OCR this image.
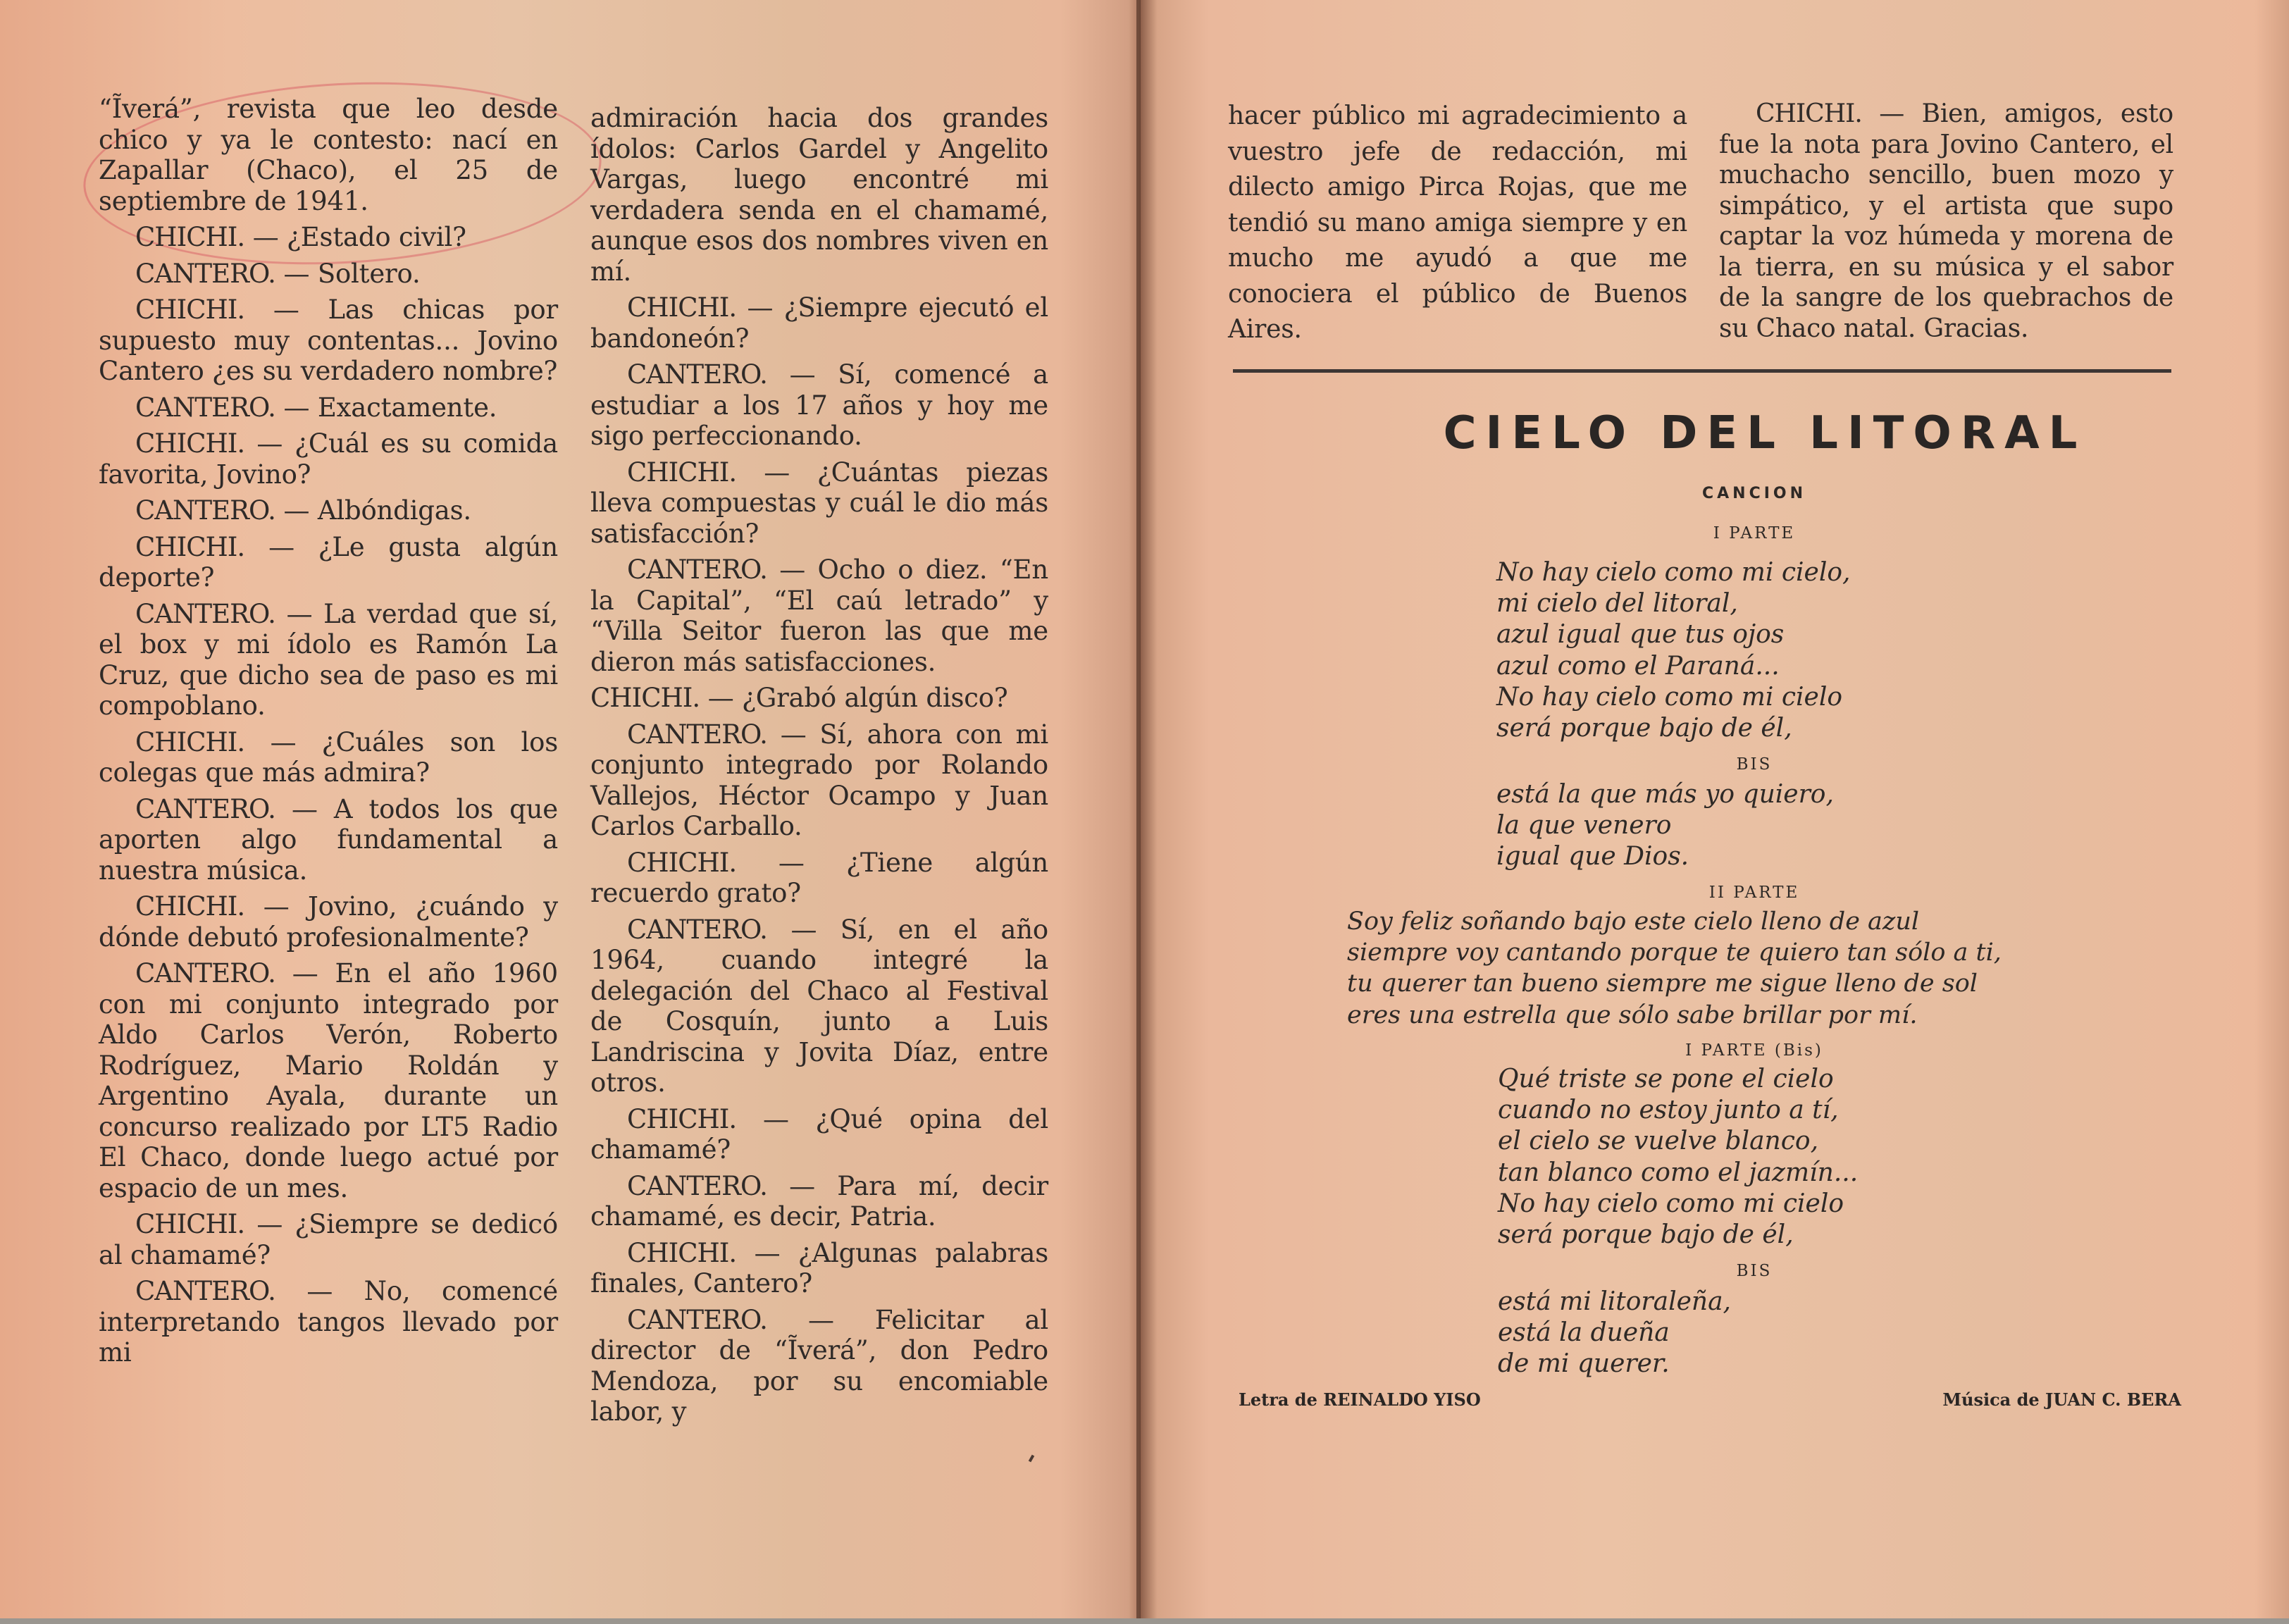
“Ĩverá”, revista que leo desde chico y ya le contesto: nací en Zapallar (Chaco), el 25 de septiembre de 1941.

CHICHI. — ¿Estado civil?

CANTERO. — Soltero.

CHICHI. — Las chicas por supuesto muy contentas... Jovino Cantero ¿es su verdadero nombre?

CANTERO. — Exactamente.

CHICHI. — ¿Cuál es su comida favorita, Jovino?

CANTERO. — Albóndigas.

CHICHI. — ¿Le gusta algún deporte?

CANTERO. — La verdad que sí, el box y mi ídolo es Ramón La Cruz, que dicho sea de paso es mi compoblano.

CHICHI. — ¿Cuáles son los colegas que más admira?

CANTERO. — A todos los que aporten algo fundamental a nuestra música.

CHICHI. — Jovino, ¿cuándo y dónde debutó profesionalmente?

CANTERO. — En el año 1960 con mi conjunto integrado por Aldo Carlos Verón, Roberto Rodríguez, Mario Roldán y Argentino Ayala, durante un concurso realizado por LT5 Radio El Chaco, donde luego actué por espacio de un mes.

CHICHI. — ¿Siempre se dedicó al chamamé?

CANTERO. — No, comencé interpretando tangos llevado por mi

admiración hacia dos grandes ídolos: Carlos Gardel y Angelito Vargas, luego encontré mi verdadera senda en el chamamé, aunque esos dos nombres viven en mí.

CHICHI. — ¿Siempre ejecutó el bandoneón?

CANTERO. — Sí, comencé a estudiar a los 17 años y hoy me sigo perfeccionando.

CHICHI. — ¿Cuántas piezas lleva compuestas y cuál le dio más satisfacción?

CANTERO. — Ocho o diez. “En la Capital”, “El caú letrado” y “Villa Seitor fueron las que me dieron más satisfacciones.

CHICHI. — ¿Grabó algún disco?

CANTERO. — Sí, ahora con mi conjunto integrado por Rolando Vallejos, Héctor Ocampo y Juan Carlos Carballo.

CHICHI. — ¿Tiene algún recuerdo grato?

CANTERO. — Sí, en el año 1964, cuando integré la delegación del Chaco al Festival de Cosquín, junto a Luis Landriscina y Jovita Díaz, entre otros.

CHICHI. — ¿Qué opina del chamamé?

CANTERO. — Para mí, decir chamamé, es decir, Patria.

CHICHI. — ¿Algunas palabras finales, Cantero?

CANTERO. — Felicitar al director de “Ĩverá”, don Pedro Mendoza, por su encomiable labor, y

hacer público mi agradecimiento a vuestro jefe de redacción, mi dilecto amigo Pirca Rojas, que me tendió su mano amiga siempre y en mucho me ayudó a que me conociera el público de Buenos Aires.

CHICHI. — Bien, amigos, esto fue la nota para Jovino Cantero, el muchacho sencillo, buen mozo y simpático, y el artista que supo captar la voz húmeda y morena de la tierra, en su música y el sabor de la sangre de los quebrachos de su Chaco natal. Gracias.

CIELO DEL LITORAL
CANCION
I PARTE
No hay cielo como mi cielo,
mi cielo del litoral,
azul igual que tus ojos
azul como el Paraná...
No hay cielo como mi cielo
será porque bajo de él,
BIS
está la que más yo quiero,
la que venero
igual que Dios.
II PARTE
Soy feliz soñando bajo este cielo lleno de azul
siempre voy cantando porque te quiero tan sólo a ti,
tu querer tan bueno siempre me sigue lleno de sol
eres una estrella que sólo sabe brillar por mí.
I PARTE (Bis)
Qué triste se pone el cielo
cuando no estoy junto a tí,
el cielo se vuelve blanco,
tan blanco como el jazmín...
No hay cielo como mi cielo
será porque bajo de él,
BIS
está mi litoraleña,
está la dueña
de mi querer.
Letra de REINALDO YISO	Música de JUAN C. BERA
